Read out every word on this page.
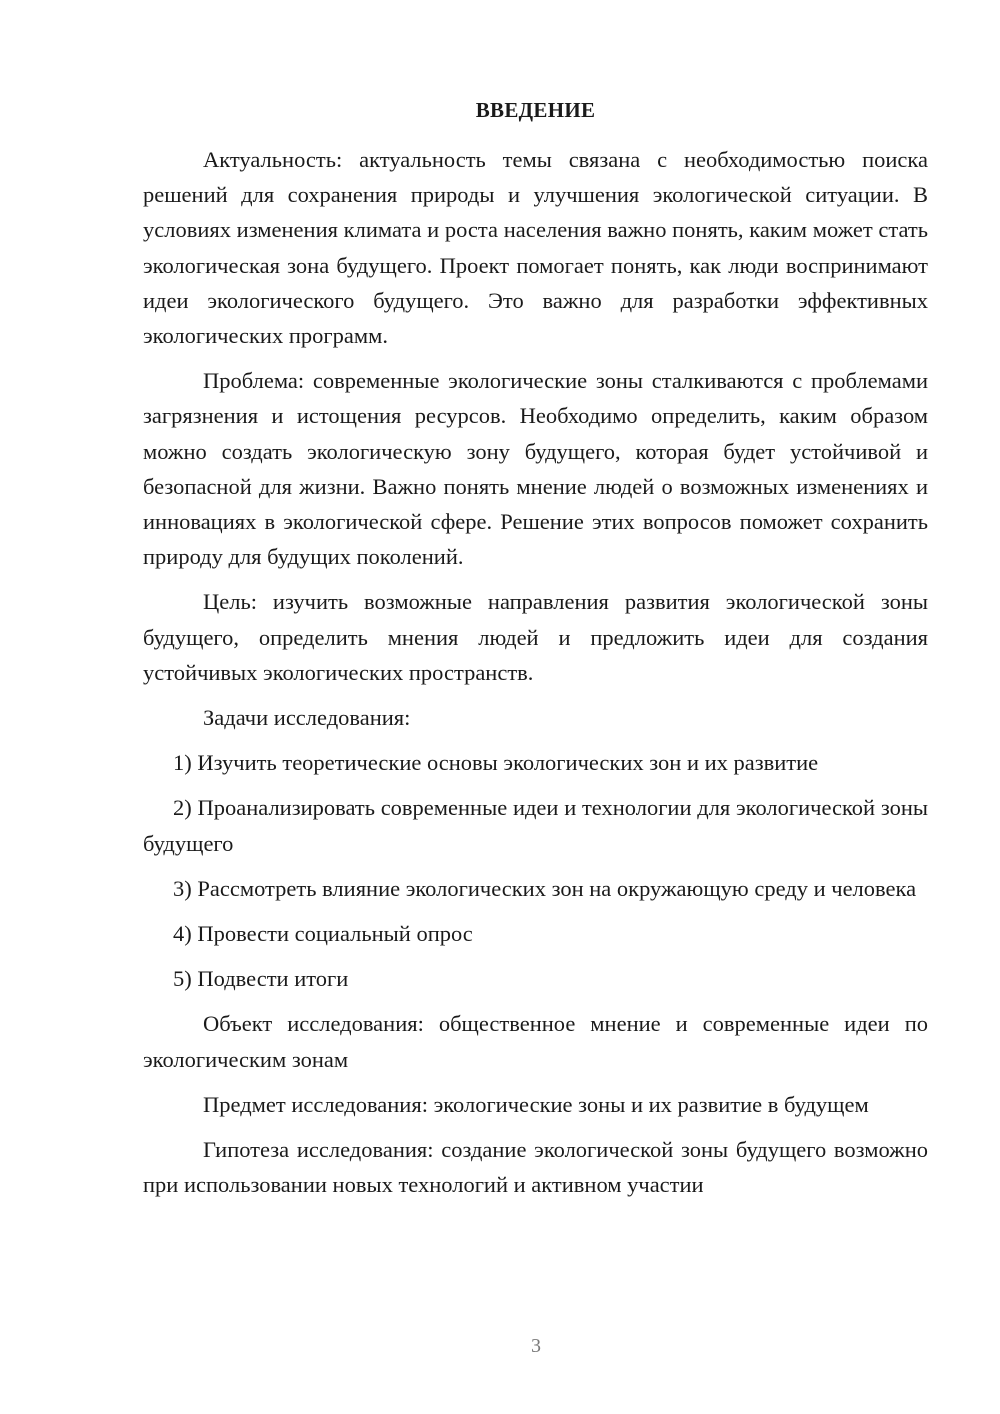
ВВЕДЕНИЕ

Актуальность: актуальность темы связана с необходимостью поиска решений для сохранения природы и улучшения экологической ситуации. В условиях изменения климата и роста населения важно понять, каким может стать экологическая зона будущего. Проект помогает понять, как люди воспринимают идеи экологического будущего. Это важно для разработки эффективных экологических программ.

Проблема: современные экологические зоны сталкиваются с проблемами загрязнения и истощения ресурсов. Необходимо определить, каким образом можно создать экологическую зону будущего, которая будет устойчивой и безопасной для жизни. Важно понять мнение людей о возможных изменениях и инновациях в экологической сфере. Решение этих вопросов поможет сохранить природу для будущих поколений.

Цель: изучить возможные направления развития экологической зоны будущего, определить мнения людей и предложить идеи для создания устойчивых экологических пространств.

Задачи исследования:

1) Изучить теоретические основы экологических зон и их развитие

2) Проанализировать современные идеи и технологии для экологической зоны будущего

3) Рассмотреть влияние экологических зон на окружающую среду и человека

4) Провести социальный опрос

5) Подвести итоги

Объект исследования: общественное мнение и современные идеи по экологическим зонам

Предмет исследования: экологические зоны и их развитие в будущем

Гипотеза исследования: создание экологической зоны будущего возможно при использовании новых технологий и активном участии

3
